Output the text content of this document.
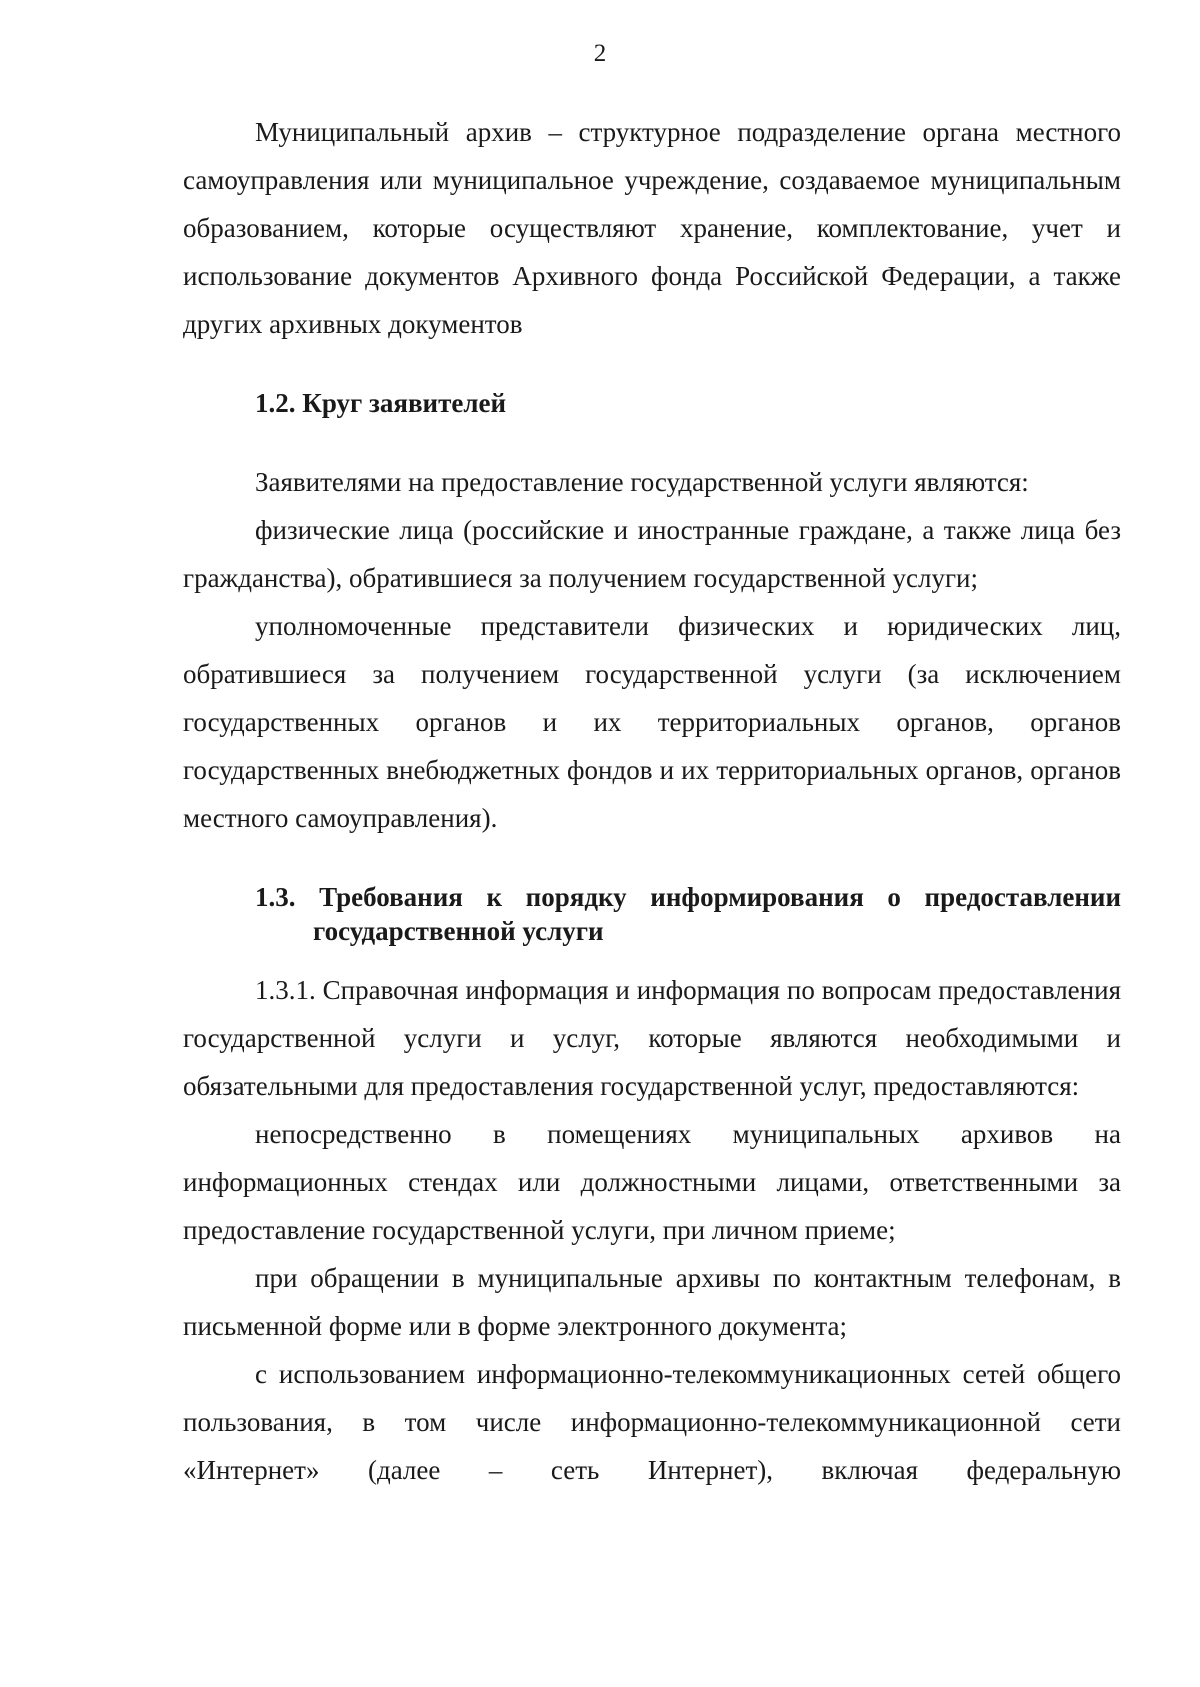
2

Муниципальный архив – структурное подразделение органа местного самоуправления или муниципальное учреждение, создаваемое муниципальным образованием, которые осуществляют хранение, комплектование, учет и использование документов Архивного фонда Российской Федерации, а также других архивных документов

1.2. Круг заявителей

Заявителями на предоставление государственной услуги являются:

физические лица (российские и иностранные граждане, а также лица без гражданства), обратившиеся за получением государственной услуги;

уполномоченные представители физических и юридических лиц, обратившиеся за получением государственной услуги (за исключением государственных органов и их территориальных органов, органов государственных внебюджетных фондов и их территориальных органов, органов местного самоуправления).

1.3. Требования к порядку информирования о предоставлении государственной услуги

1.3.1. Справочная информация и информация по вопросам предоставления государственной услуги и услуг, которые являются необходимыми и обязательными для предоставления государственной услуг, предоставляются:

непосредственно в помещениях муниципальных архивов на информационных стендах или должностными лицами, ответственными за предоставление государственной услуги, при личном приеме;

при обращении в муниципальные архивы по контактным телефонам, в письменной форме или в форме электронного документа;

с использованием информационно-телекоммуникационных сетей общего пользования, в том числе информационно-телекоммуникационной сети «Интернет» (далее – сеть Интернет), включая федеральную
